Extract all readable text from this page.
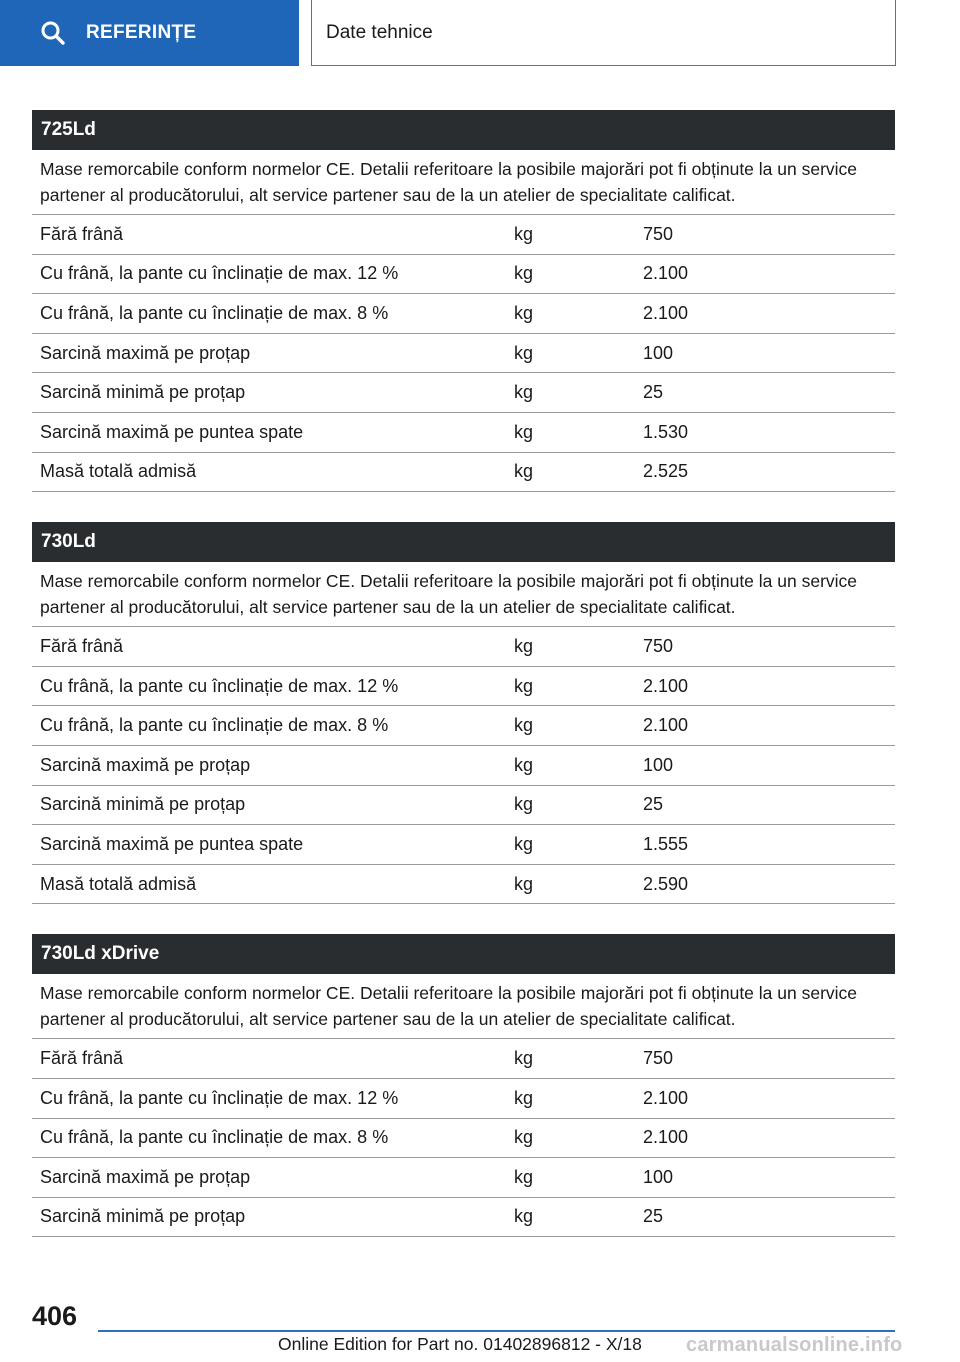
REFERINȚE	Date tehnice
725Ld
Mase remorcabile conform normelor CE. Detalii referitoare la posibile majorări pot fi obținute la un service partener al producătorului, alt service partener sau de la un atelier de specialitate calificat.
Fără frână	kg	750
Cu frână, la pante cu înclinație de max. 12 %	kg	2.100
Cu frână, la pante cu înclinație de max. 8 %	kg	2.100
Sarcină maximă pe proțap	kg	100
Sarcină minimă pe proțap	kg	25
Sarcină maximă pe puntea spate	kg	1.530
Masă totală admisă	kg	2.525
730Ld
Mase remorcabile conform normelor CE. Detalii referitoare la posibile majorări pot fi obținute la un service partener al producătorului, alt service partener sau de la un atelier de specialitate calificat.
Fără frână	kg	750
Cu frână, la pante cu înclinație de max. 12 %	kg	2.100
Cu frână, la pante cu înclinație de max. 8 %	kg	2.100
Sarcină maximă pe proțap	kg	100
Sarcină minimă pe proțap	kg	25
Sarcină maximă pe puntea spate	kg	1.555
Masă totală admisă	kg	2.590
730Ld xDrive
Mase remorcabile conform normelor CE. Detalii referitoare la posibile majorări pot fi obținute la un service partener al producătorului, alt service partener sau de la un atelier de specialitate calificat.
Fără frână	kg	750
Cu frână, la pante cu înclinație de max. 12 %	kg	2.100
Cu frână, la pante cu înclinație de max. 8 %	kg	2.100
Sarcină maximă pe proțap	kg	100
Sarcină minimă pe proțap	kg	25
406
Online Edition for Part no. 01402896812 - X/18 carmanualsonline.info
